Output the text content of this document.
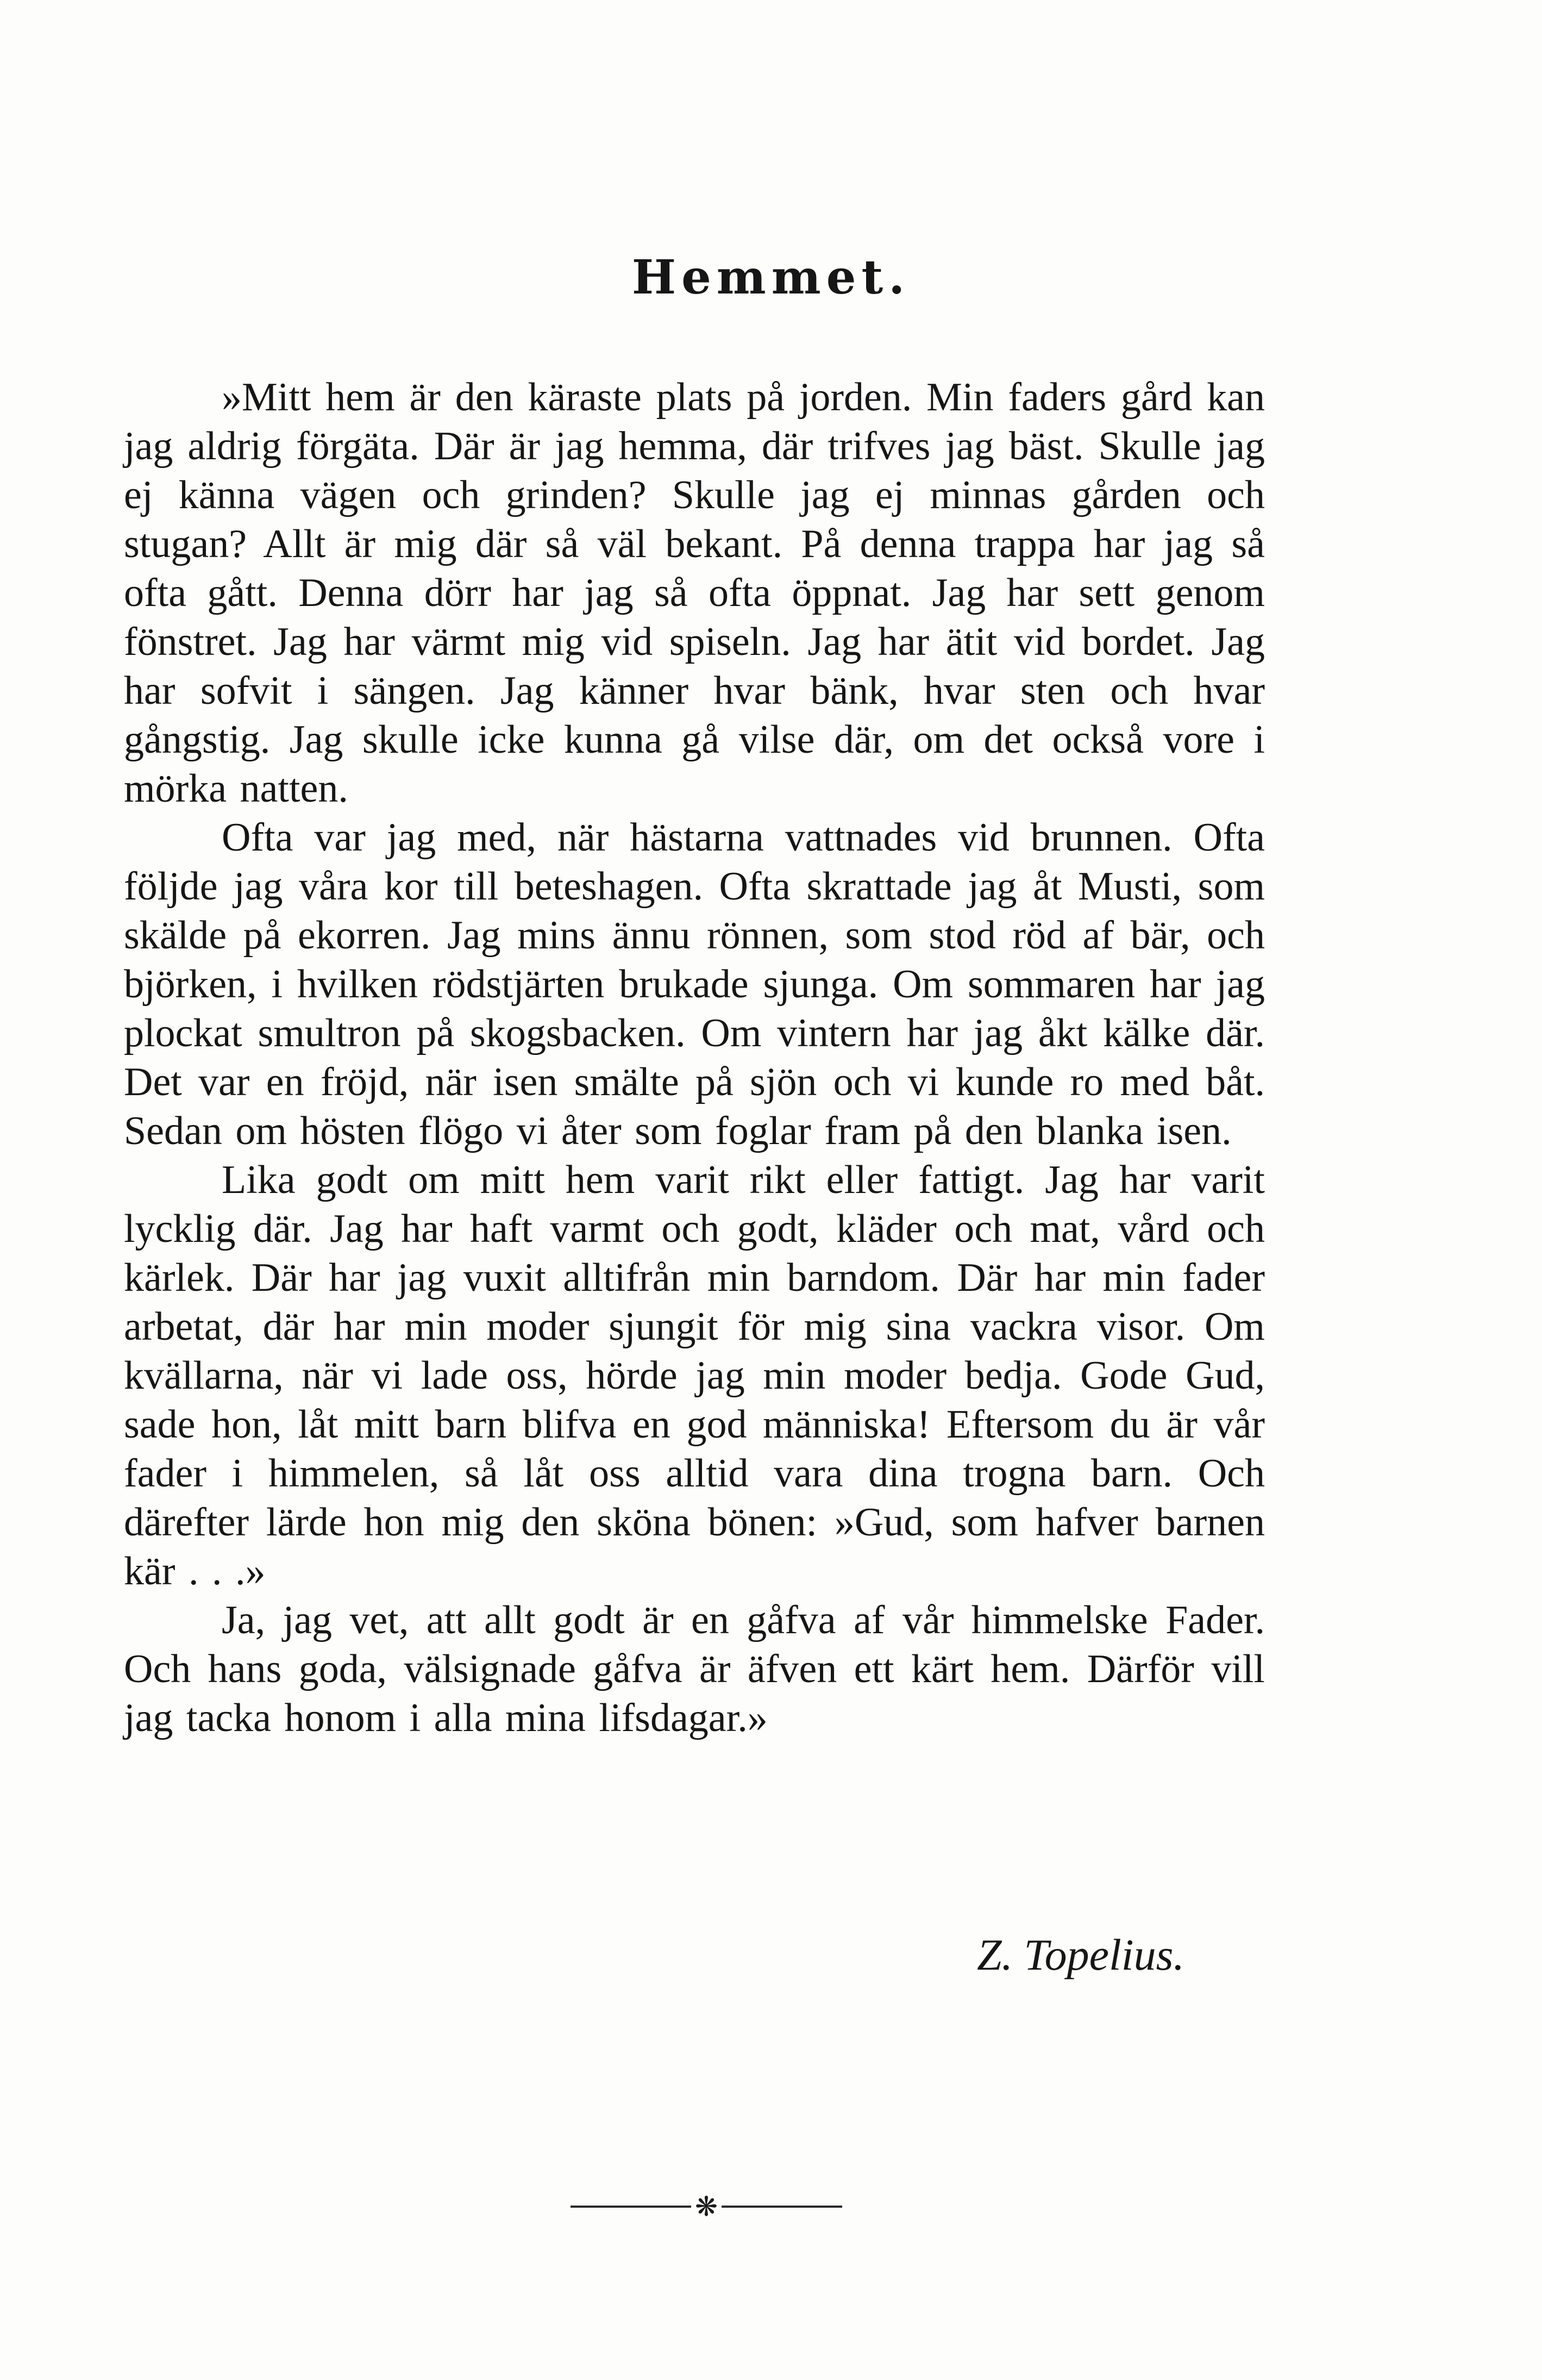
Hemmet.

»Mitt hem är den käraste plats på jorden. Min faders gård kan jag aldrig förgäta. Där är jag hemma, där trifves jag bäst. Skulle jag ej känna vägen och grinden? Skulle jag ej minnas gården och stugan? Allt är mig där så väl bekant. På denna trappa har jag så ofta gått. Denna dörr har jag så ofta öppnat. Jag har sett genom fönstret. Jag har värmt mig vid spiseln. Jag har ätit vid bordet. Jag har sofvit i sängen. Jag känner hvar bänk, hvar sten och hvar gångstig. Jag skulle icke kunna gå vilse där, om det också vore i mörka natten.

Ofta var jag med, när hästarna vattnades vid brunnen. Ofta följde jag våra kor till beteshagen. Ofta skrattade jag åt Musti, som skälde på ekorren. Jag mins ännu rönnen, som stod röd af bär, och björken, i hvilken rödstjärten brukade sjunga. Om sommaren har jag plockat smultron på skogsbacken. Om vintern har jag åkt kälke där. Det var en fröjd, när isen smälte på sjön och vi kunde ro med båt. Sedan om hösten flögo vi åter som foglar fram på den blanka isen.

Lika godt om mitt hem varit rikt eller fattigt. Jag har varit lycklig där. Jag har haft varmt och godt, kläder och mat, vård och kärlek. Där har jag vuxit alltifrån min barndom. Där har min fader arbetat, där har min moder sjungit för mig sina vackra visor. Om kvällarna, när vi lade oss, hörde jag min moder bedja. Gode Gud, sade hon, låt mitt barn blifva en god människa! Eftersom du är vår fader i himmelen, så låt oss alltid vara dina trogna barn. Och därefter lärde hon mig den sköna bönen: »Gud, som hafver barnen kär . . .»

Ja, jag vet, att allt godt är en gåfva af vår himmelske Fader. Och hans goda, välsignade gåfva är äfven ett kärt hem. Därför vill jag tacka honom i alla mina lifsdagar.»

Z. Topelius.
❋
